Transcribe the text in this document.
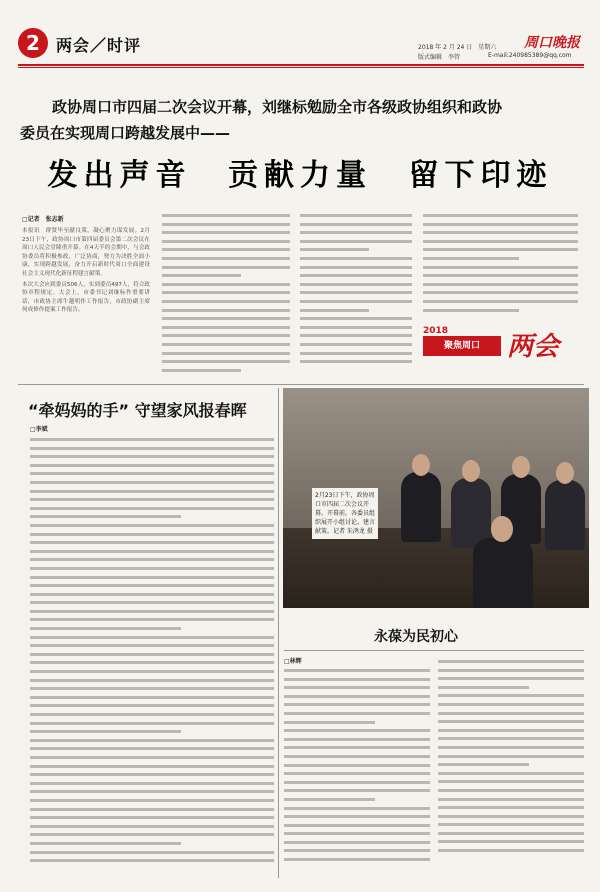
2	两会／时评	2018 年 2 月 24 日　星期六
版式编辑　李管
周口晚报
E-mail:240985389@qq.com
政协周口市四届二次会议开幕，刘继标勉励全市各级政协组织和政协
委员在实现周口跨越发展中——
发出声音 贡献力量 留下印迹
□记者　张志新
本报讯　群贤毕至献良策，凝心聚力谋发展。2月23日下午，政协周口市第四届委员会第二次会议在周口人民会堂隆重开幕。在4天半的会期中，与会政协委员将积极参政、广泛协商，努力为决胜全面小康，实现跨越发展，奋力开启新时代周口全面建设社会主义现代化新征程建言献策。
本次大会应到委员506人，实到委员497人，符合政协章程规定。大会上，市委书记刘继标作重要讲话，市政协主席牛越明作工作报告，市政协副主席何成修作提案工作报告。
2018
聚焦周口	两会
“牵妈妈的手” 守望家风报春晖
□李斌
2月23日下午，政协周口市四届二次会议开幕。开幕前，各委员组织展开小组讨论，建言献策。记者 朱鸿龙 摄
永葆为民初心
□林辉
